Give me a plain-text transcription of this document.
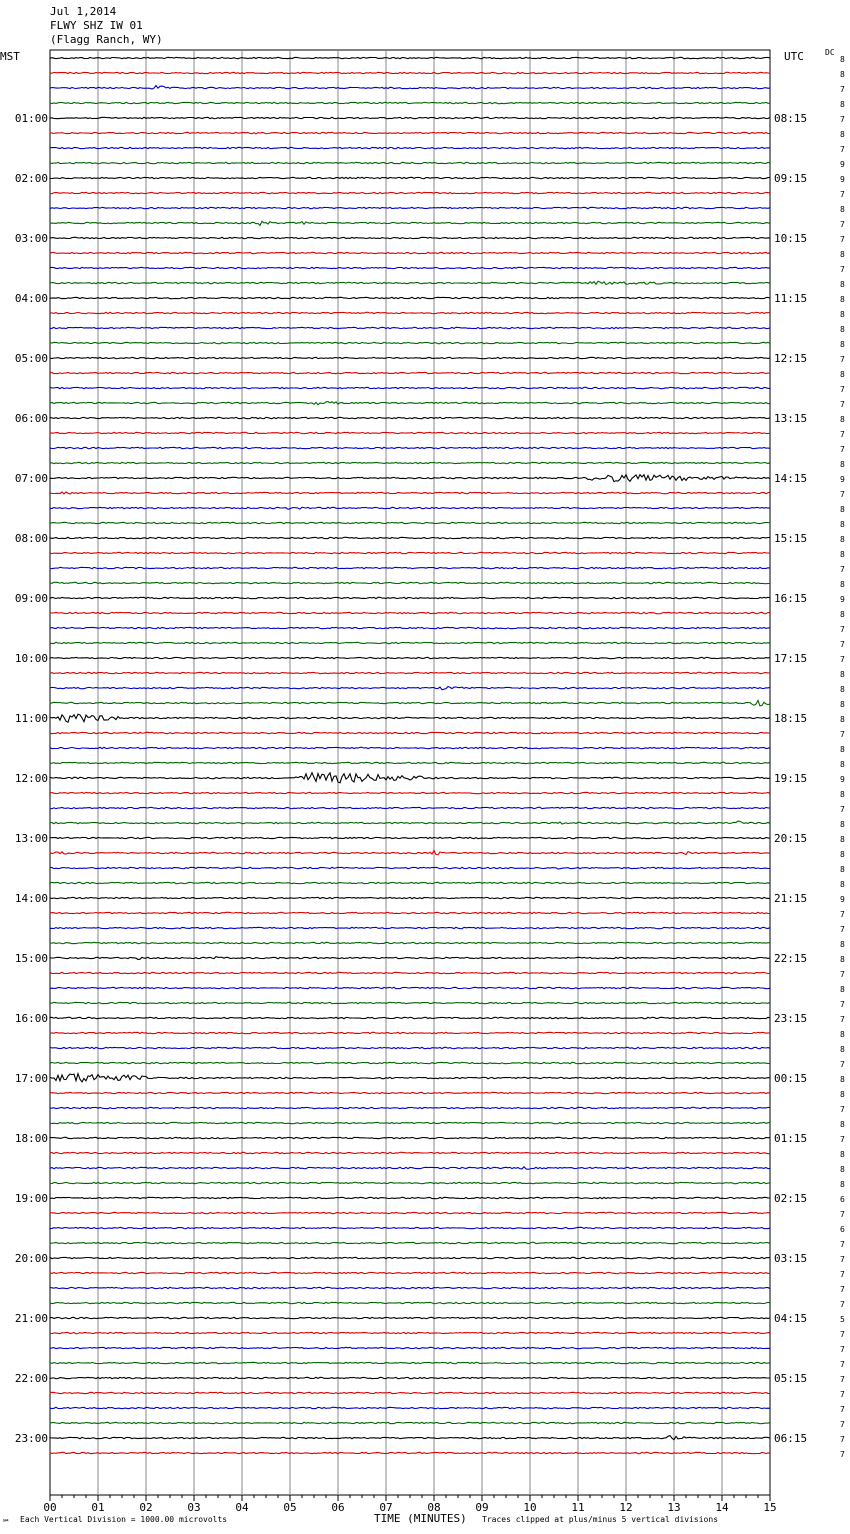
00	01	02	03	04	05	06	07	08	09	10	11	12	13	14	15
8
8
7
8
7
8
7
9
9
7
8
7
7
8
7
8
8
8
8
8
7
8
7
7
8
7
7
8
9
7
8
8
8
8
7
8
9
8
7
7
7
8
8
8
8
7
8
8
9
8
7
8
8
8
8
8
9
7
7
8
8
7
8
7
7
8
8
7
8
8
7
8
7
8
8
8
6
7
6
7
7
7
7
7
5
7
7
7
7
7
7
7
7
7
01:00	08:15
02:00	09:15
03:00	10:15
04:00	11:15
05:00	12:15
06:00	13:15
07:00	14:15
08:00	15:15
09:00	16:15
10:00	17:15
11:00	18:15
12:00	19:15
13:00	20:15
14:00	21:15
15:00	22:15
16:00	23:15
17:00	00:15
18:00	01:15
19:00	02:15
20:00	03:15
21:00	04:15
22:00	05:15
23:00	06:15
Jul 1,2014
FLWY SHZ IW 01
(Flagg Ranch, WY)
MST	UTC	DC
℠ Each Vertical Division = 1000.00 microvolts	TIME (MINUTES) Traces clipped at plus/minus 5 vertical divisions
